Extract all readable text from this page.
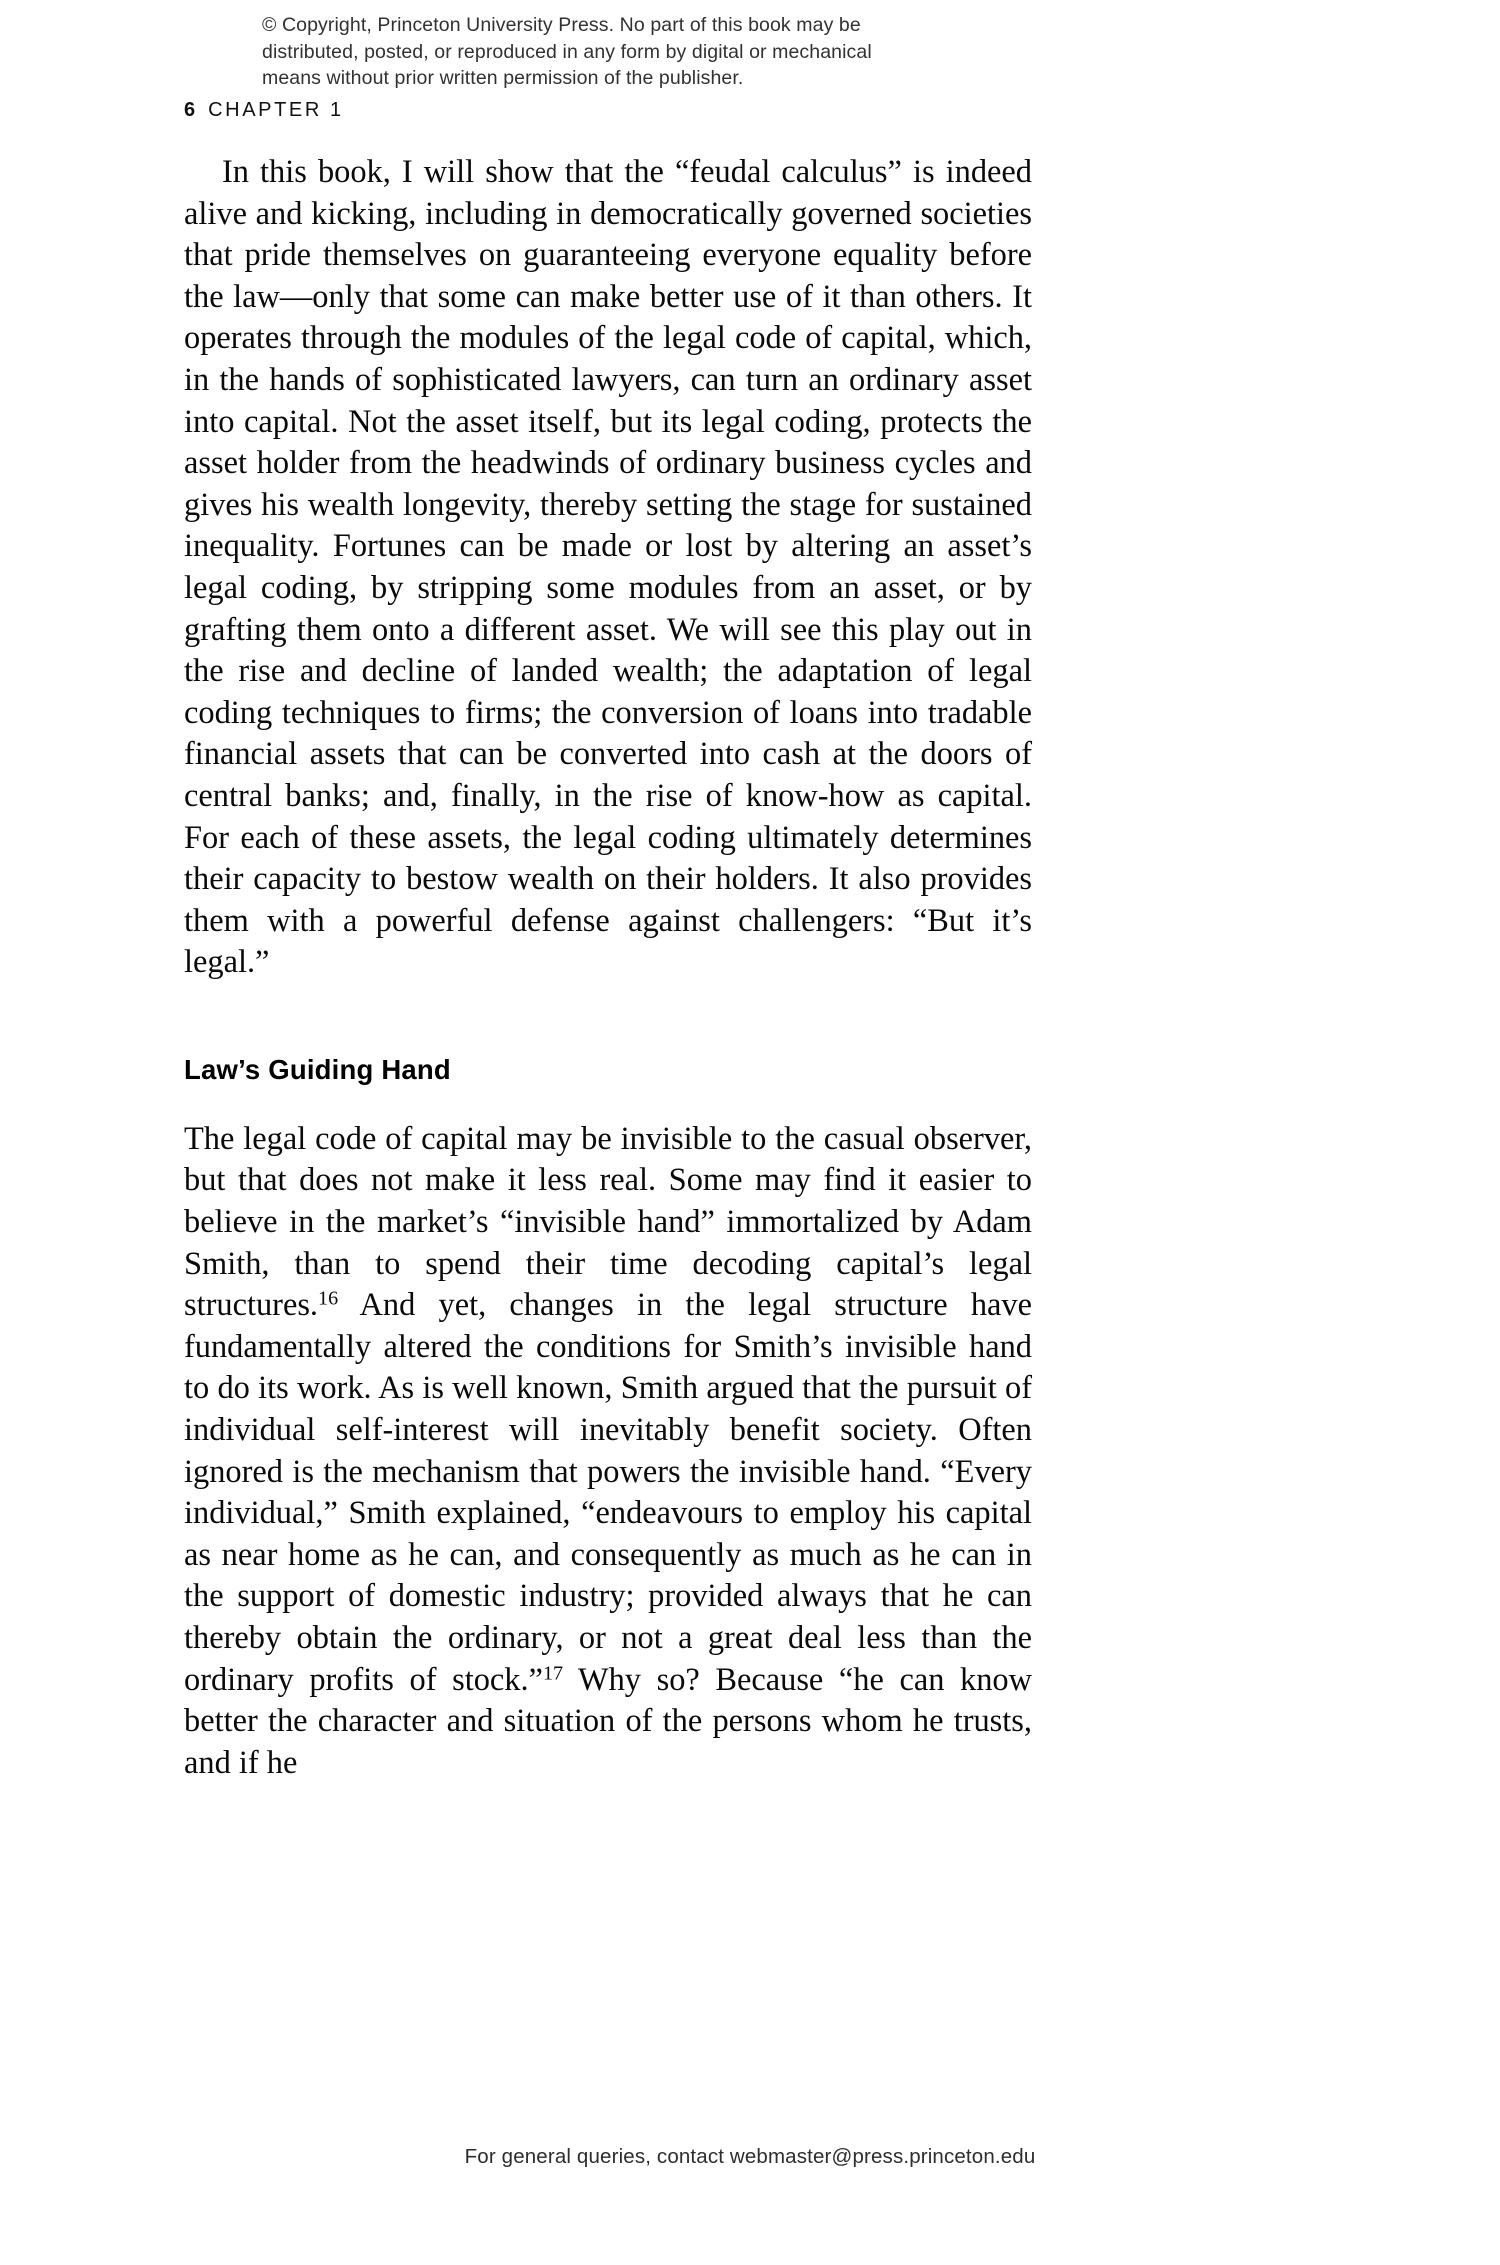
© Copyright, Princeton University Press. No part of this book may be
distributed, posted, or reproduced in any form by digital or mechanical
means without prior written permission of the publisher.
6 CHAPTER 1

In this book, I will show that the “feudal calculus” is indeed alive and kicking, including in democratically governed societies that pride themselves on guaranteeing everyone equality before the law—only that some can make better use of it than others. It operates through the modules of the legal code of capital, which, in the hands of sophisticated lawyers, can turn an ordinary asset into capital. Not the asset itself, but its legal coding, protects the asset holder from the headwinds of ordinary business cycles and gives his wealth longevity, thereby setting the stage for sustained inequality. Fortunes can be made or lost by altering an asset’s legal coding, by stripping some modules from an asset, or by grafting them onto a different asset. We will see this play out in the rise and decline of landed wealth; the adaptation of legal coding techniques to firms; the conversion of loans into tradable financial assets that can be converted into cash at the doors of central banks; and, finally, in the rise of know-how as capital. For each of these assets, the legal coding ultimately determines their capacity to bestow wealth on their holders. It also provides them with a powerful defense against challengers: “But it’s legal.”

Law’s Guiding Hand

The legal code of capital may be invisible to the casual observer, but that does not make it less real. Some may find it easier to believe in the market’s “invisible hand” immortalized by Adam Smith, than to spend their time decoding capital’s legal structures.$^{16}$ And yet, changes in the legal structure have fundamentally altered the conditions for Smith’s invisible hand to do its work. As is well known, Smith argued that the pursuit of individual self-interest will inevitably benefit society. Often ignored is the mechanism that powers the invisible hand. “Every individual,” Smith explained, “endeavours to employ his capital as near home as he can, and consequently as much as he can in the support of domestic industry; provided always that he can thereby obtain the ordinary, or not a great deal less than the ordinary profits of stock.”$^{17}$ Why so? Because “he can know better the character and situation of the persons whom he trusts, and if he

For general queries, contact webmaster@press.princeton.edu
